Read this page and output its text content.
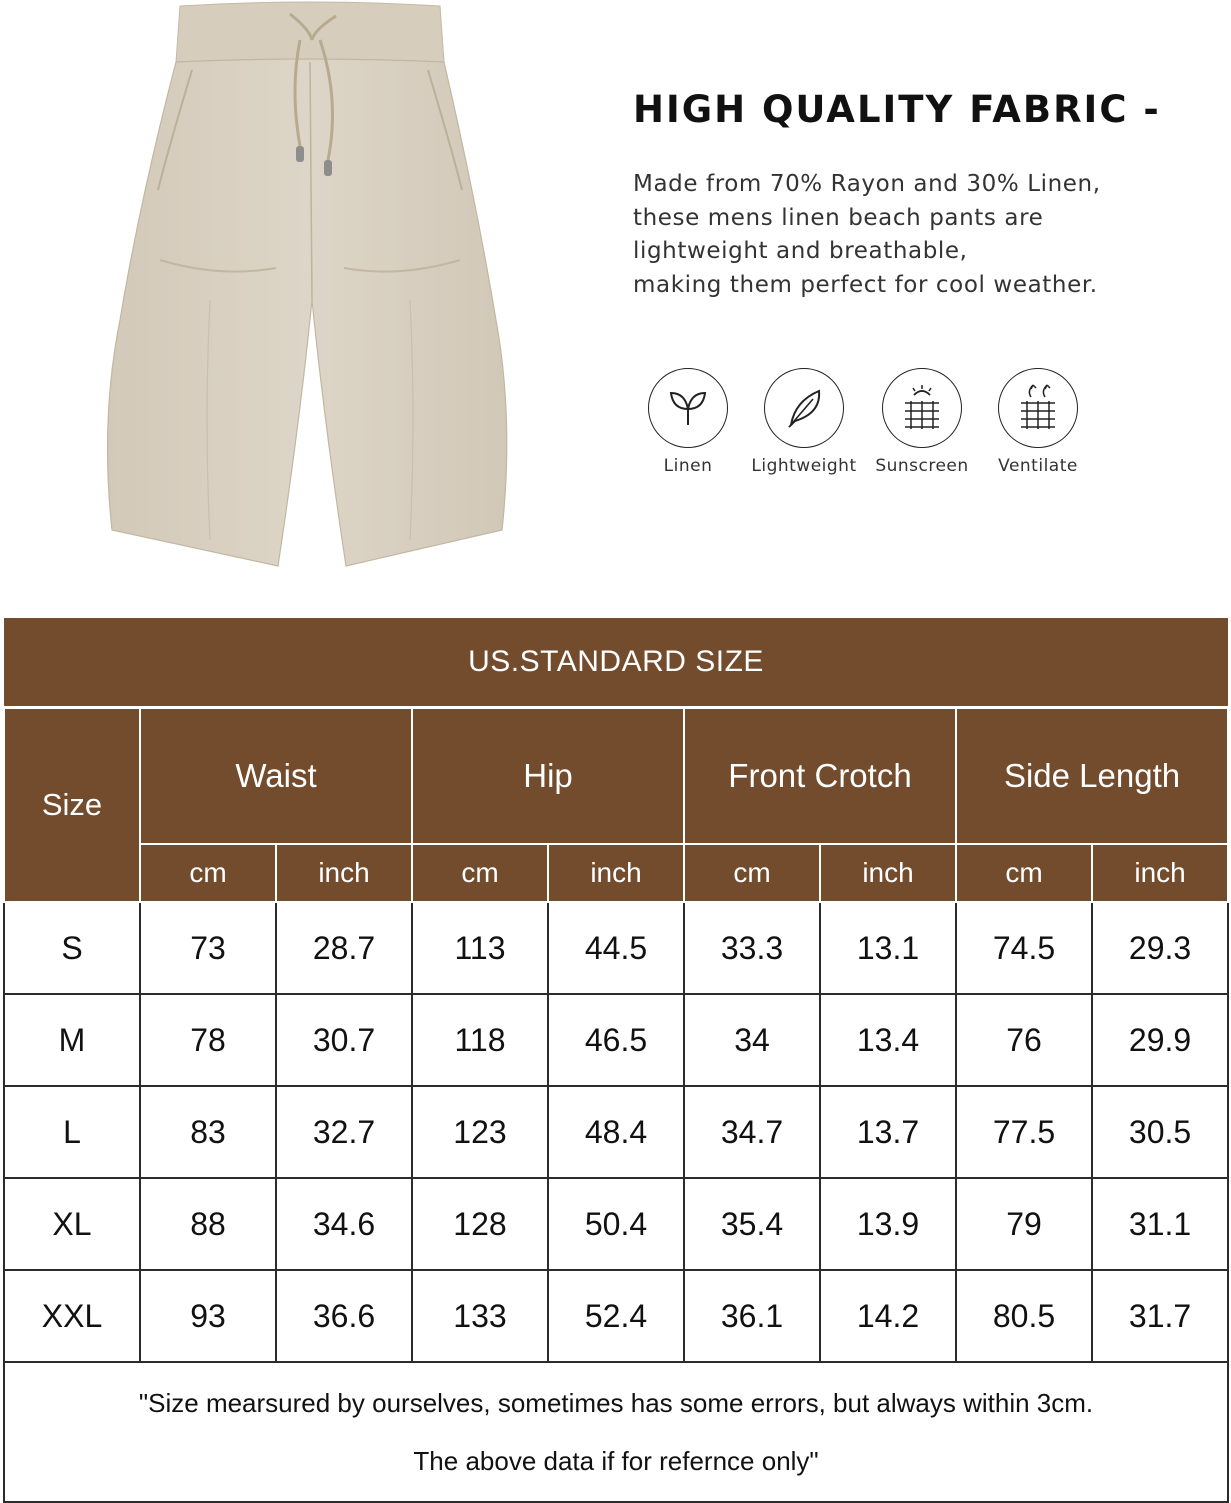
HIGH QUALITY FABRIC -
Made from 70% Rayon and 30% Linen,
these mens linen beach pants are
lightweight and breathable,
making them perfect for cool weather.
Linen	Lightweight	Sunscreen	Ventilate
US.STANDARD SIZE								
Size	Waist		Hip		Front Crotch		Side Length	
	cm	inch	cm	inch	cm	inch	cm	inch
S	73	28.7	113	44.5	33.3	13.1	74.5	29.3
M	78	30.7	118	46.5	34	13.4	76	29.9
L	83	32.7	123	48.4	34.7	13.7	77.5	30.5
XL	88	34.6	128	50.4	35.4	13.9	79	31.1
XXL	93	36.6	133	52.4	36.1	14.2	80.5	31.7

"Size mearsured by ourselves, sometimes has some errors, but always within 3cm.
The above data if for refernce only"								
